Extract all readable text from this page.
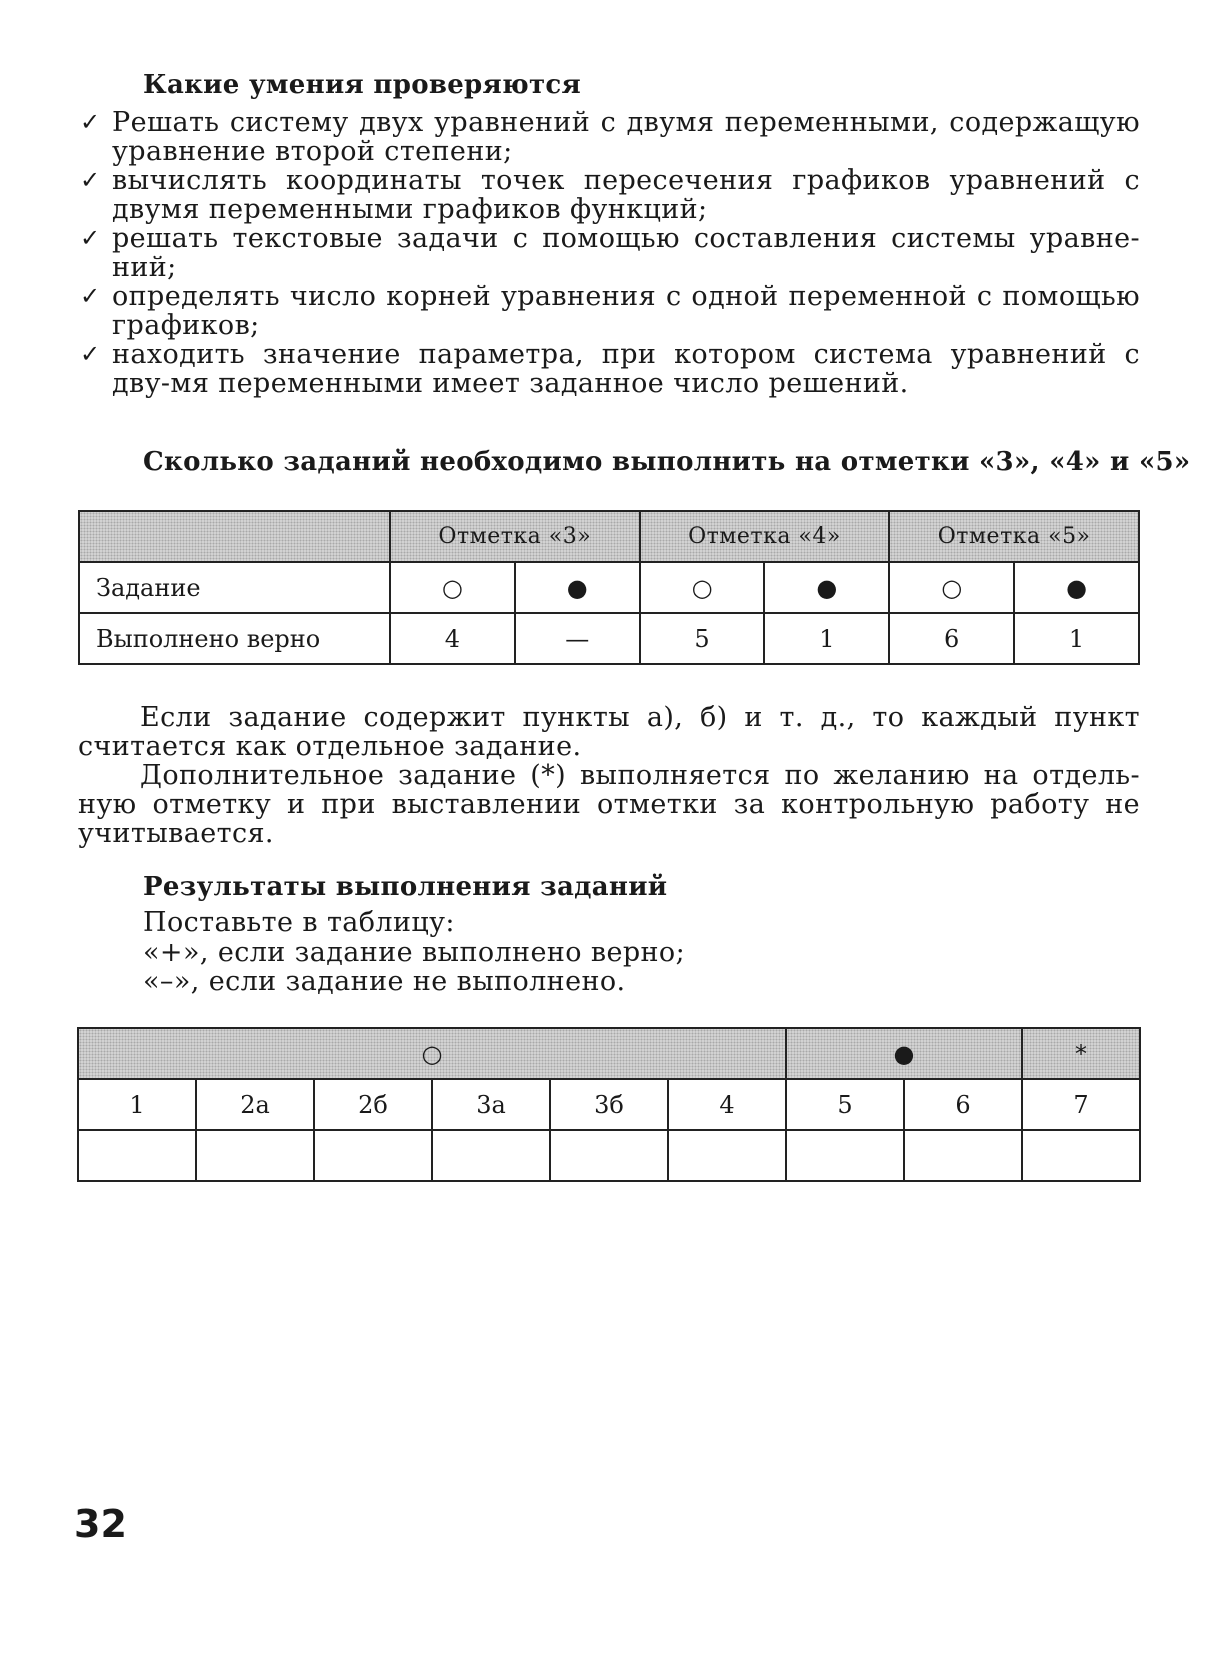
Какие умения проверяются
✓ Решать систему двух уравнений с двумя переменными, содержащую уравнение второй степени;
✓ вычислять координаты точек пересечения графиков уравнений с двумя переменными графиков функций;
✓ решать текстовые задачи с помощью составления системы уравне-ний;
✓ определять число корней уравнения с одной переменной с помощью графиков;
✓ находить значение параметра, при котором система уравнений с дву-мя переменными имеет заданное число решений.
Сколько заданий необходимо выполнить на отметки «3», «4» и «5»
	Отметка «3»		Отметка «4»		Отметка «5»	
Задание	○	●	○	●	○	●
Выполнено верно	4	—	5	1	6	1

Если задание содержит пункты а), б) и т. д., то каждый пункт считается как отдельное задание.

Дополнительное задание (*) выполняется по желанию на отдель-ную отметку и при выставлении отметки за контрольную работу не учитывается.

Результаты выполнения заданий
Поставьте в таблицу:
«+», если задание выполнено верно;
«–», если задание не выполнено.
○						●		*
1	2а	2б	3а	3б	4	5	6	7

32
